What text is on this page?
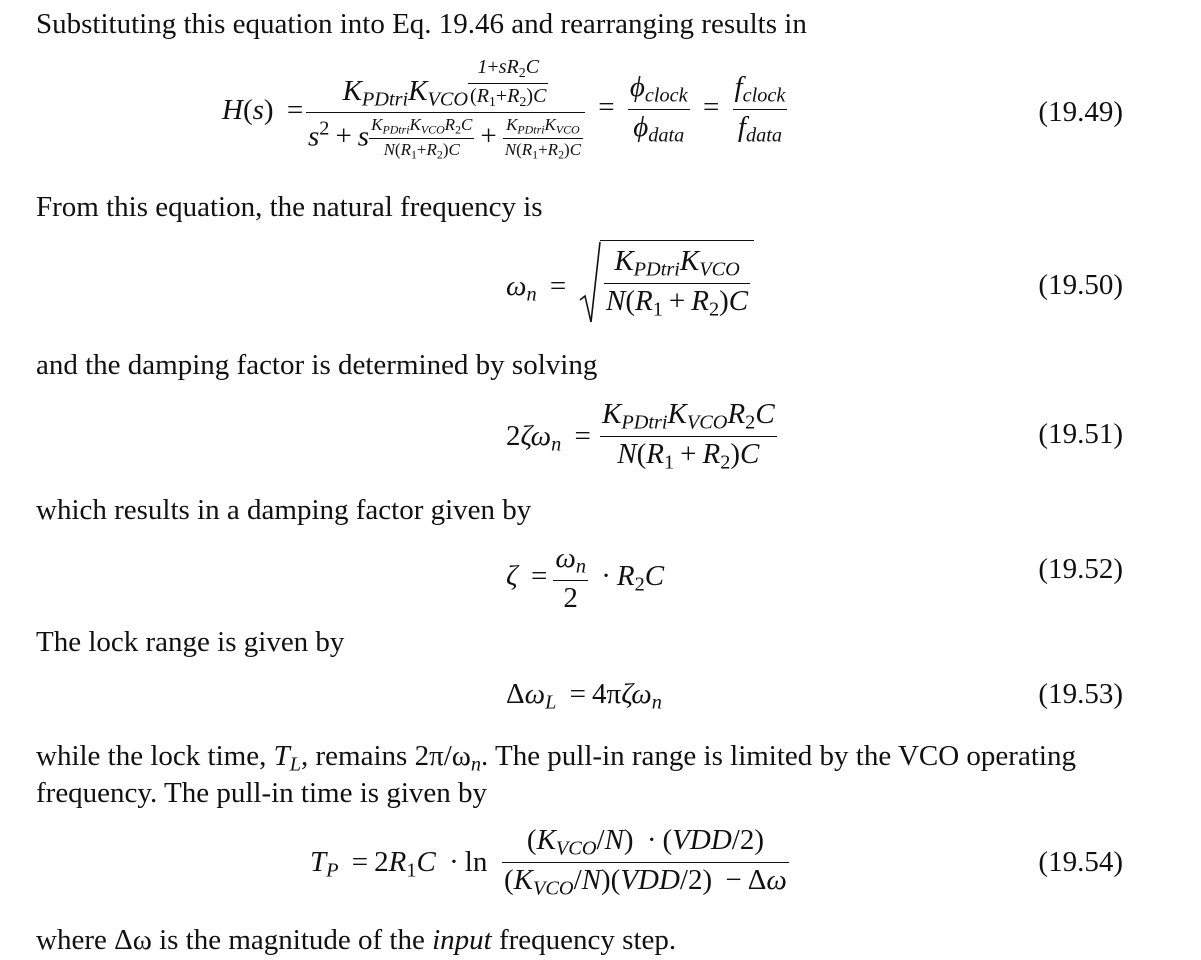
Substituting this equation into Eq. 19.46 and rearranging results in
$H(s) = \frac{K_{PDtri}K_{VCO} \frac{1+sR2C}{(R1+R2)C}}{s^2 + s \frac{K_{PDtri}K_{VCO}R2C}{N(R1+R2)C} + \frac{K_{PDtri}K_{VCO}}{N(R1+R2)C}} = \frac{\phi_{clock}}{\phi_{data}} = \frac{f_{clock}}{f_{data}}$	(19.49)
From this equation, the natural frequency is
$\omega_n = \frac{K_{PDtri}K_{VCO}}{N(R1 + R2)C}$	(19.50)
and the damping factor is determined by solving
$2\zeta\omega_n = \frac{K_{PDtri}K_{VCO}R2C}{N(R1 + R2)C}$	(19.51)
which results in a damping factor given by
$\zeta = \frac{\omega_n}{2} \cdot R2C$	(19.52)
The lock range is given by
$\Delta\omega_L = 4\pi\zeta\omega_n$	(19.53)
while the lock time, $T_L$, remains $2\pi/\omega_n$. The pull-in range is limited by the VCO operating
frequency. The pull-in time is given by
$T_P = 2R1C \cdot \ln \frac{(K_{VCO}/N) \cdot (VDD/2)}{(K_{VCO}/N)(VDD/2) - \Delta\omega}$	(19.54)
where Δω is the magnitude of the input frequency step.
